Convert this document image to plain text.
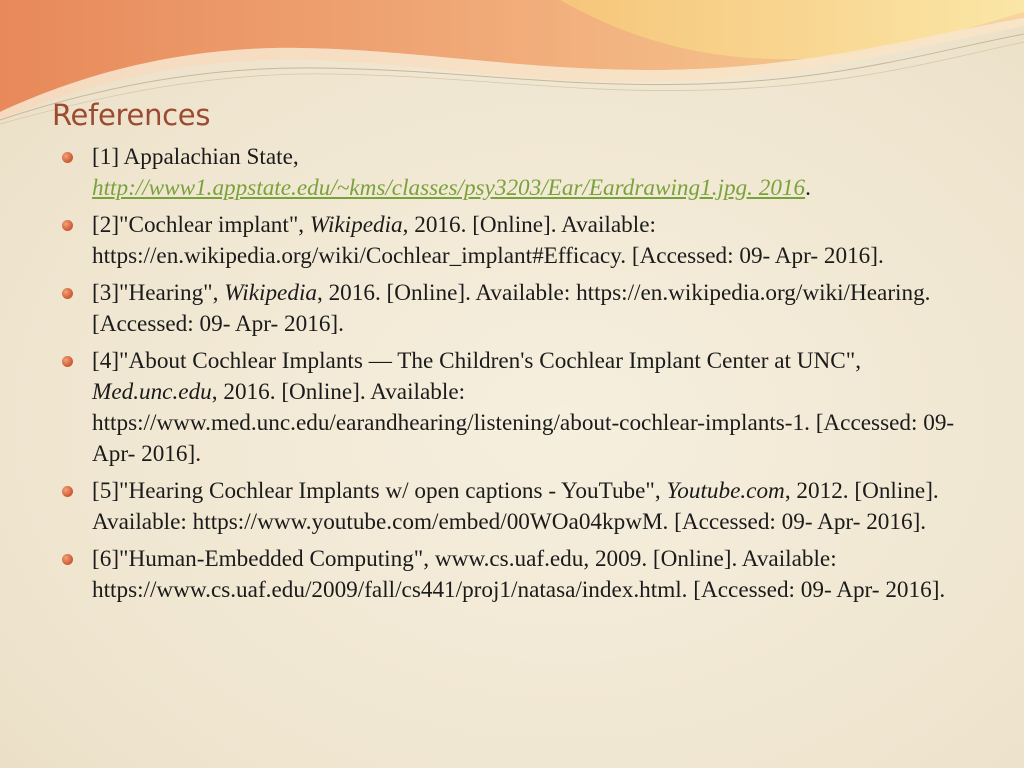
References
[1] Appalachian State,
http://www1.appstate.edu/~kms/classes/psy3203/Ear/Eardrawing1.jpg. 2016.
[2]"Cochlear implant", Wikipedia, 2016. [Online]. Available: https://en.wikipedia.org/wiki/Cochlear_implant#Efficacy. [Accessed: 09- Apr- 2016].
[3]"Hearing", Wikipedia, 2016. [Online]. Available: https://en.wikipedia.org/wiki/Hearing. [Accessed: 09- Apr- 2016].
[4]"About Cochlear Implants — The Children's Cochlear Implant Center at UNC", Med.unc.edu, 2016. [Online]. Available: https://www.med.unc.edu/earandhearing/listening/about-cochlear-implants-1. [Accessed: 09- Apr- 2016].
[5]"Hearing Cochlear Implants w/ open captions - YouTube", Youtube.com, 2012. [Online]. Available: https://www.youtube.com/embed/00WOa04kpwM. [Accessed: 09- Apr- 2016].
[6]"Human-Embedded Computing", www.cs.uaf.edu, 2009. [Online]. Available: https://www.cs.uaf.edu/2009/fall/cs441/proj1/natasa/index.html. [Accessed: 09- Apr- 2016].
